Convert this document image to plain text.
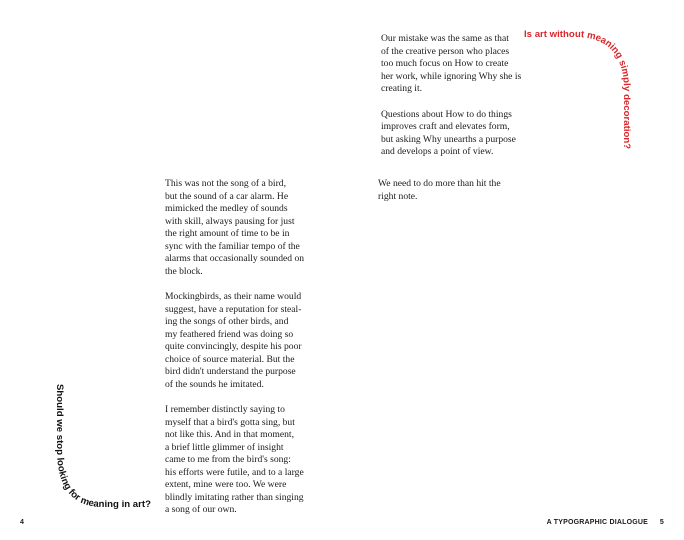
Should we stop looking for meaning in art?
Is art without meaning simply decoration?

This was not the song of a bird,
but the sound of a car alarm. He
mimicked the medley of sounds
with skill, always pausing for just
the right amount of time to be in
sync with the familiar tempo of the
alarms that occasionally sounded on
the block.

Mockingbirds, as their name would
suggest, have a reputation for steal-
ing the songs of other birds, and
my feathered friend was doing so
quite convincingly, despite his poor
choice of source material. But the
bird didn't understand the purpose
of the sounds he imitated.

I remember distinctly saying to
myself that a bird's gotta sing, but
not like this. And in that moment,
a brief little glimmer of insight
came to me from the bird's song:
his efforts were futile, and to a large
extent, mine were too. We were
blindly imitating rather than singing
a song of our own.

Our mistake was the same as that
of the creative person who places
too much focus on How to create
her work, while ignoring Why she is
creating it.

Questions about How to do things
improves craft and elevates form,
but asking Why unearths a purpose
and develops a point of view.

We need to do more than hit the
right note.

4	A TYPOGRAPHIC DIALOGUE 5
